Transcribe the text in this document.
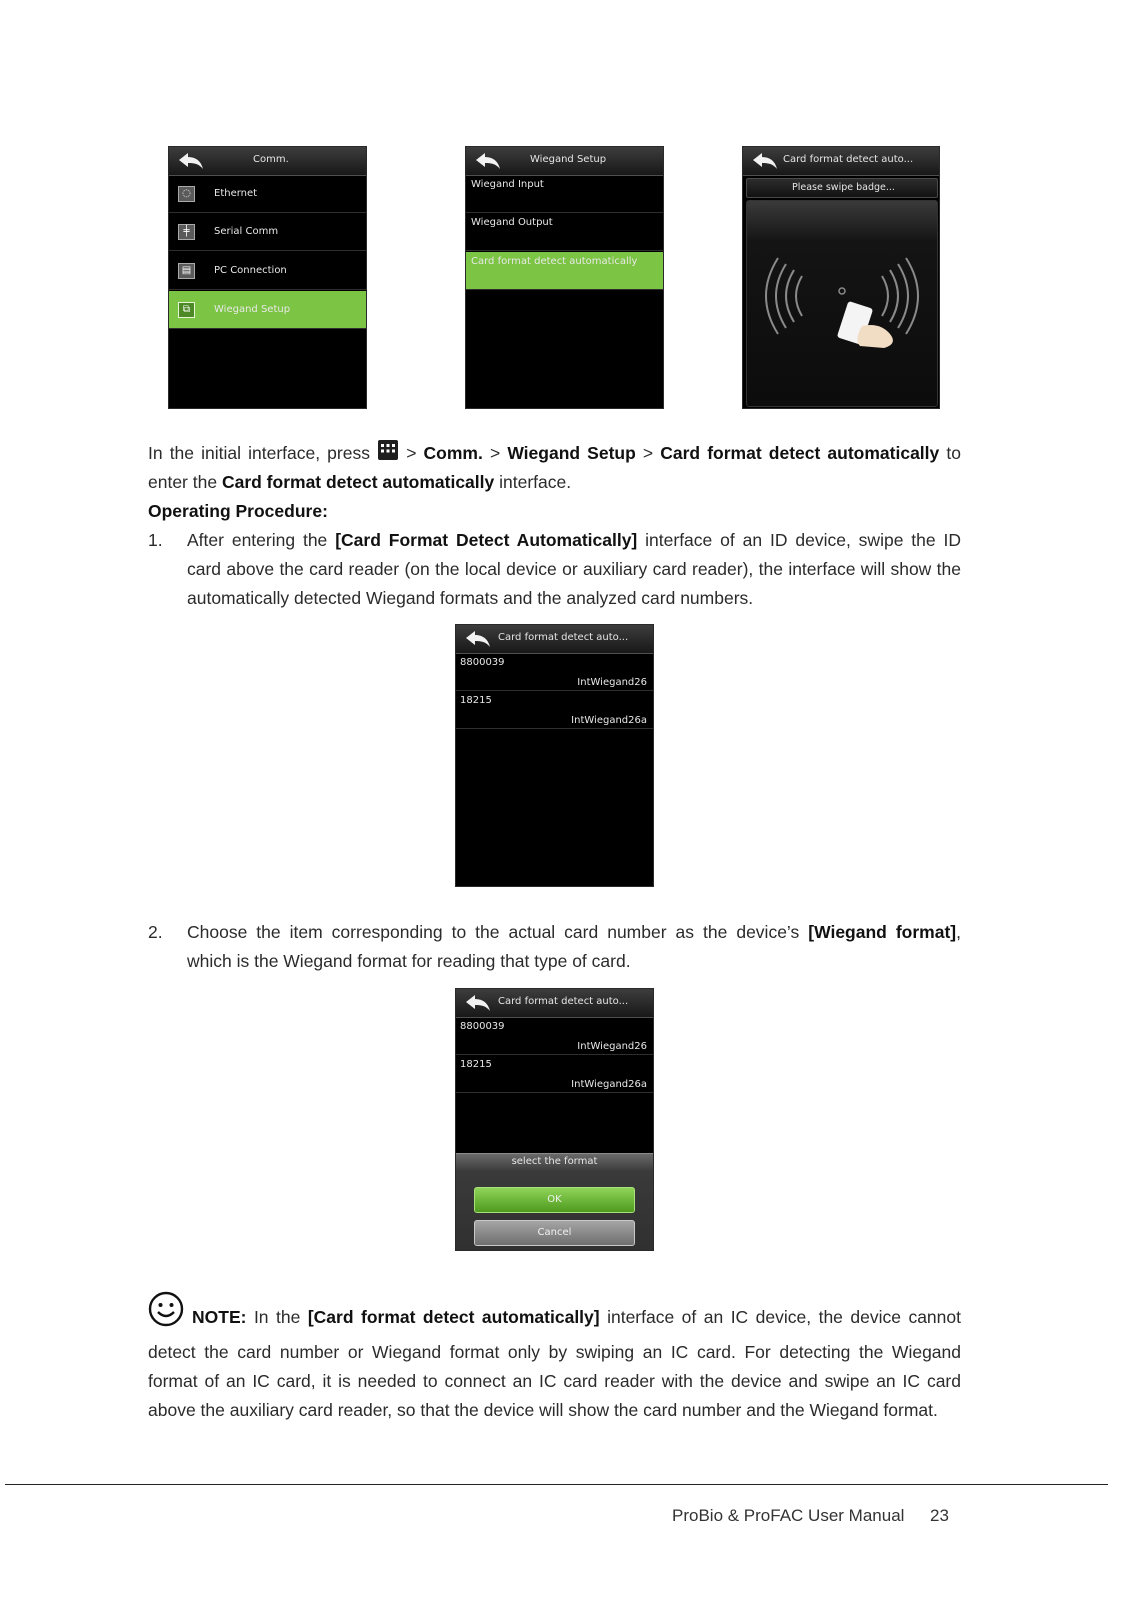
Comm.
◌	Ethernet
╪	Serial Comm
▤	PC Connection
⧉	Wiegand Setup
Wiegand Setup
Wiegand Input
Wiegand Output
Card format detect automatically
Card format detect auto...
Please swipe badge...
In the initial interface, press > Comm. > Wiegand Setup > Card format detect automatically to
enter the Card format detect automatically interface.
Operating Procedure:
1. After entering the [Card Format Detect Automatically] interface of an ID device, swipe the ID
card above the card reader (on the local device or auxiliary card reader), the interface will show the
automatically detected Wiegand formats and the analyzed card numbers.
Card format detect auto...
8800039
IntWiegand26
18215
IntWiegand26a
2. Choose the item corresponding to the actual card number as the device’s [Wiegand format],
which is the Wiegand format for reading that type of card.
Card format detect auto...
8800039
IntWiegand26
18215
IntWiegand26a
select the format
OK
Cancel
NOTE: In the [Card format detect automatically] interface of an IC device, the device cannot
detect the card number or Wiegand format only by swiping an IC card. For detecting the Wiegand
format of an IC card, it is needed to connect an IC card reader with the device and swipe an IC card
above the auxiliary card reader, so that the device will show the card number and the Wiegand format.
ProBio & ProFAC User Manual 23
